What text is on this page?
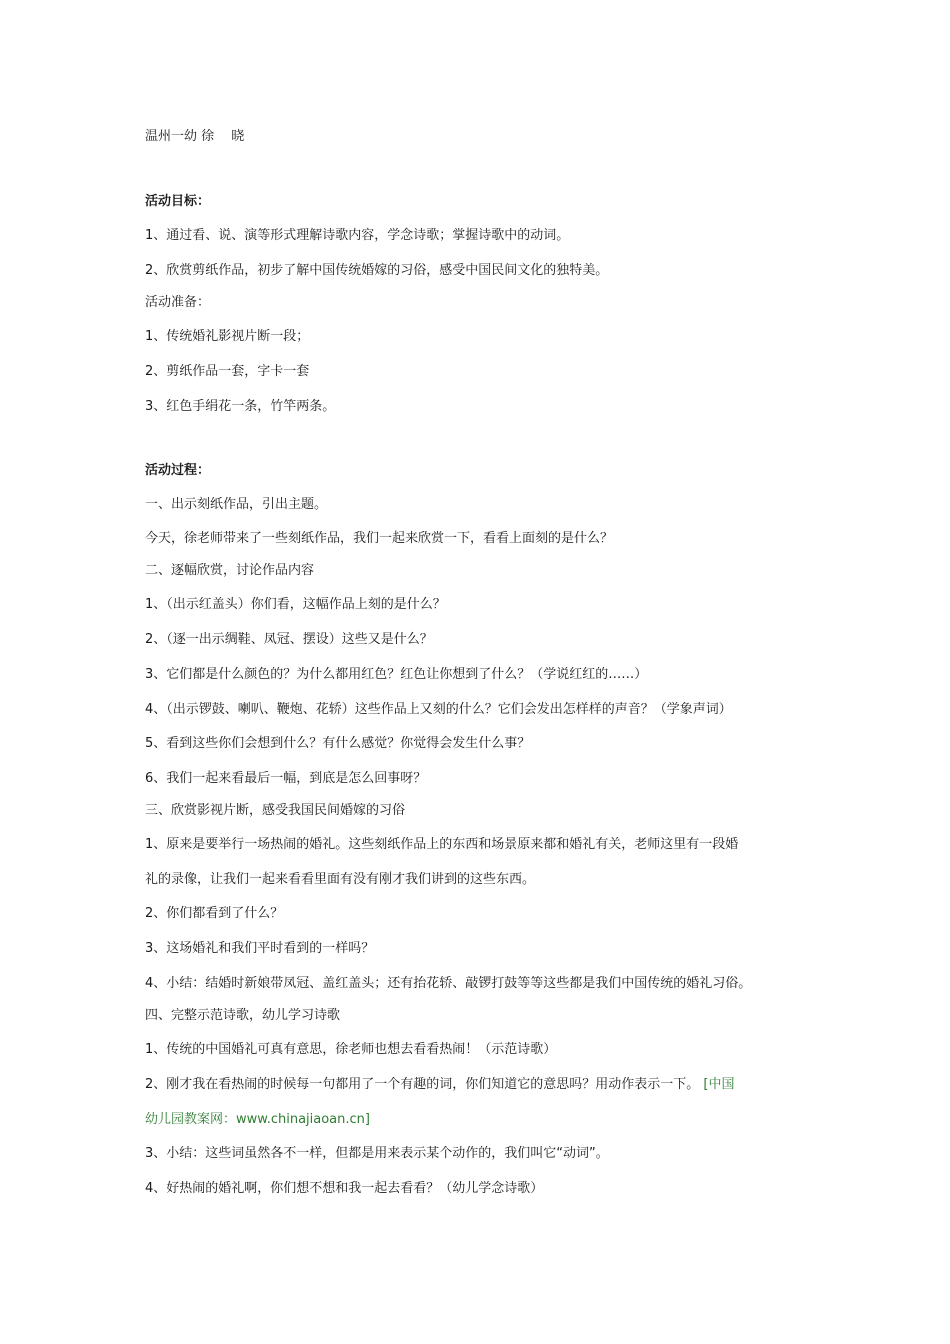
温州一幼 徐　 晓
活动目标：
1、通过看、说、演等形式理解诗歌内容，学念诗歌；掌握诗歌中的动词。
2、欣赏剪纸作品，初步了解中国传统婚嫁的习俗，感受中国民间文化的独特美。
活动准备：
1、传统婚礼影视片断一段；
2、剪纸作品一套，字卡一套
3、红色手绢花一条，竹竿两条。
活动过程：
一、出示刻纸作品，引出主题。
今天，徐老师带来了一些刻纸作品，我们一起来欣赏一下，看看上面刻的是什么？
二、逐幅欣赏，讨论作品内容
1、（出示红盖头）你们看，这幅作品上刻的是什么？
2、（逐一出示绸鞋、凤冠、摆设）这些又是什么？
3、它们都是什么颜色的？为什么都用红色？红色让你想到了什么？（学说红红的……）
4、（出示锣鼓、喇叭、鞭炮、花轿）这些作品上又刻的什么？它们会发出怎样样的声音？（学象声词）
5、看到这些你们会想到什么？有什么感觉？你觉得会发生什么事？
6、我们一起来看最后一幅，到底是怎么回事呀？
三、欣赏影视片断，感受我国民间婚嫁的习俗
1、原来是要举行一场热闹的婚礼。这些刻纸作品上的东西和场景原来都和婚礼有关，老师这里有一段婚
礼的录像，让我们一起来看看里面有没有刚才我们讲到的这些东西。
2、你们都看到了什么？
3、这场婚礼和我们平时看到的一样吗？
4、小结：结婚时新娘带凤冠、盖红盖头；还有抬花轿、敲锣打鼓等等这些都是我们中国传统的婚礼习俗。
四、完整示范诗歌，幼儿学习诗歌
1、传统的中国婚礼可真有意思，徐老师也想去看看热闹！（示范诗歌）
2、刚才我在看热闹的时候每一句都用了一个有趣的词，你们知道它的意思吗？用动作表示一下。 [中国
幼儿园教案网：www.chinajiaoan.cn]
3、小结：这些词虽然各不一样，但都是用来表示某个动作的，我们叫它“动词”。
4、好热闹的婚礼啊，你们想不想和我一起去看看？（幼儿学念诗歌）
